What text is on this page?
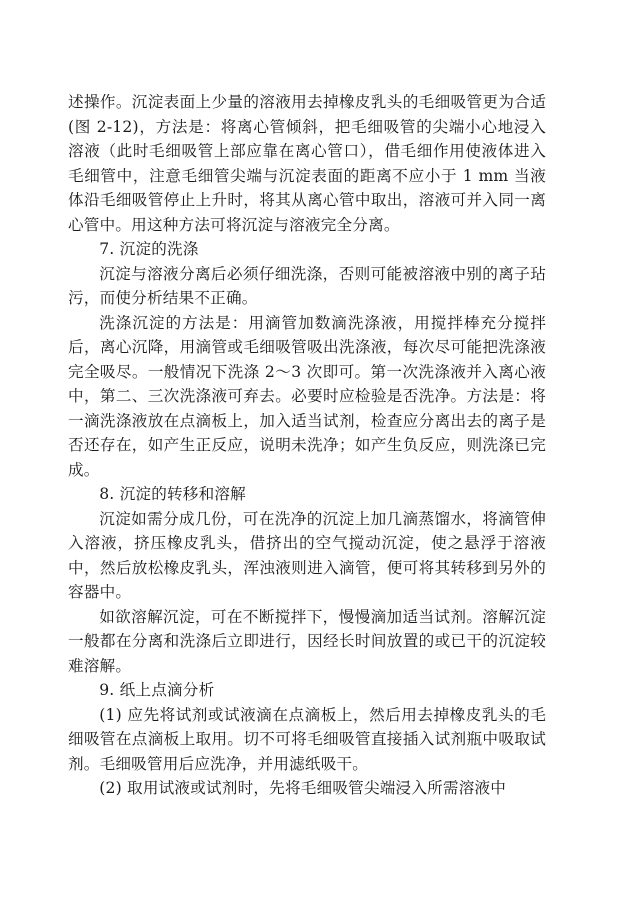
述操作。沉淀表面上少量的溶液用去掉橡皮乳头的毛细吸管更为合适(图 2-12)，方法是：将离心管倾斜，把毛细吸管的尖端小心地浸入溶液（此时毛细吸管上部应靠在离心管口），借毛细作用使液体进入毛细管中，注意毛细管尖端与沉淀表面的距离不应小于 1 mm 当液体沿毛细吸管停止上升时，将其从离心管中取出，溶液可并入同一离心管中。用这种方法可将沉淀与溶液完全分离。

7. 沉淀的洗涤

沉淀与溶液分离后必须仔细洗涤，否则可能被溶液中别的离子玷污，而使分析结果不正确。

洗涤沉淀的方法是：用滴管加数滴洗涤液，用搅拌棒充分搅拌后，离心沉降，用滴管或毛细吸管吸出洗涤液，每次尽可能把洗涤液完全吸尽。一般情况下洗涤 2～3 次即可。第一次洗涤液并入离心液中，第二、三次洗涤液可弃去。必要时应检验是否洗净。方法是：将一滴洗涤液放在点滴板上，加入适当试剂，检查应分离出去的离子是否还存在，如产生正反应，说明未洗净；如产生负反应，则洗涤已完成。

8. 沉淀的转移和溶解

沉淀如需分成几份，可在洗净的沉淀上加几滴蒸馏水，将滴管伸入溶液，挤压橡皮乳头，借挤出的空气搅动沉淀，使之悬浮于溶液中，然后放松橡皮乳头，浑浊液则进入滴管，便可将其转移到另外的容器中。

如欲溶解沉淀，可在不断搅拌下，慢慢滴加适当试剂。溶解沉淀一般都在分离和洗涤后立即进行，因经长时间放置的或已干的沉淀较难溶解。

9. 纸上点滴分析

(1) 应先将试剂或试液滴在点滴板上，然后用去掉橡皮乳头的毛细吸管在点滴板上取用。切不可将毛细吸管直接插入试剂瓶中吸取试剂。毛细吸管用后应洗净，并用滤纸吸干。

(2) 取用试液或试剂时，先将毛细吸管尖端浸入所需溶液中
